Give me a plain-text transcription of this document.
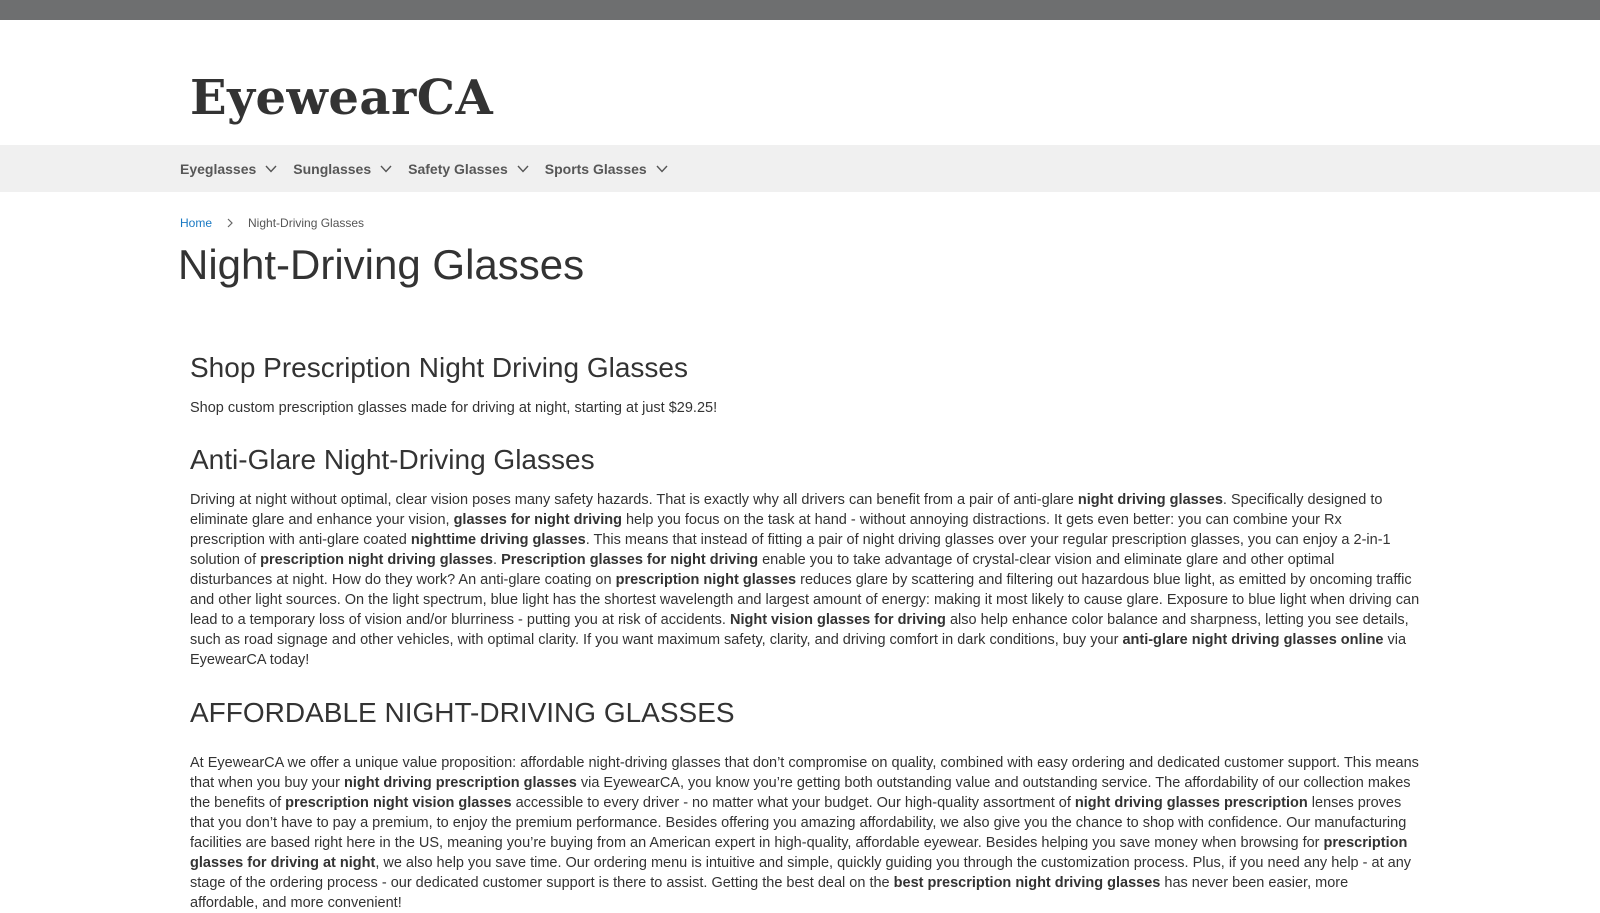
EyewearCA
Eyeglasses	Sunglasses	Safety Glasses	Sports Glasses
Home	Night-Driving Glasses
Night-Driving Glasses
Shop Prescription Night Driving Glasses

Shop custom prescription glasses made for driving at night, starting at just $29.25!

Anti-Glare Night-Driving Glasses

Driving at night without optimal, clear vision poses many safety hazards. That is exactly why all drivers can benefit from a pair of anti-glare night driving glasses. Specifically designed to eliminate glare and enhance your vision, glasses for night driving help you focus on the task at hand - without annoying distractions. It gets even better: you can combine your Rx prescription with anti-glare coated nighttime driving glasses. This means that instead of fitting a pair of night driving glasses over your regular prescription glasses, you can enjoy a 2-in-1 solution of prescription night driving glasses. Prescription glasses for night driving enable you to take advantage of crystal-clear vision and eliminate glare and other optimal disturbances at night. How do they work? An anti-glare coating on prescription night glasses reduces glare by scattering and filtering out hazardous blue light, as emitted by oncoming traffic and other light sources. On the light spectrum, blue light has the shortest wavelength and largest amount of energy: making it most likely to cause glare. Exposure to blue light when driving can lead to a temporary loss of vision and/or blurriness - putting you at risk of accidents. Night vision glasses for driving also help enhance color balance and sharpness, letting you see details, such as road signage and other vehicles, with optimal clarity. If you want maximum safety, clarity, and driving comfort in dark conditions, buy your anti-glare night driving glasses online via EyewearCA today!

AFFORDABLE NIGHT-DRIVING GLASSES

At EyewearCA we offer a unique value proposition: affordable night-driving glasses that don’t compromise on quality, combined with easy ordering and dedicated customer support. This means that when you buy your night driving prescription glasses via EyewearCA, you know you’re getting both outstanding value and outstanding service. The affordability of our collection makes the benefits of prescription night vision glasses accessible to every driver - no matter what your budget. Our high-quality assortment of night driving glasses prescription lenses proves that you don’t have to pay a premium, to enjoy the premium performance. Besides offering you amazing affordability, we also give you the chance to shop with confidence. Our manufacturing facilities are based right here in the US, meaning you’re buying from an American expert in high-quality, affordable eyewear. Besides helping you save money when browsing for prescription glasses for driving at night, we also help you save time. Our ordering menu is intuitive and simple, quickly guiding you through the customization process. Plus, if you need any help - at any stage of the ordering process - our dedicated customer support is there to assist. Getting the best deal on the best prescription night driving glasses has never been easier, more affordable, and more convenient!
